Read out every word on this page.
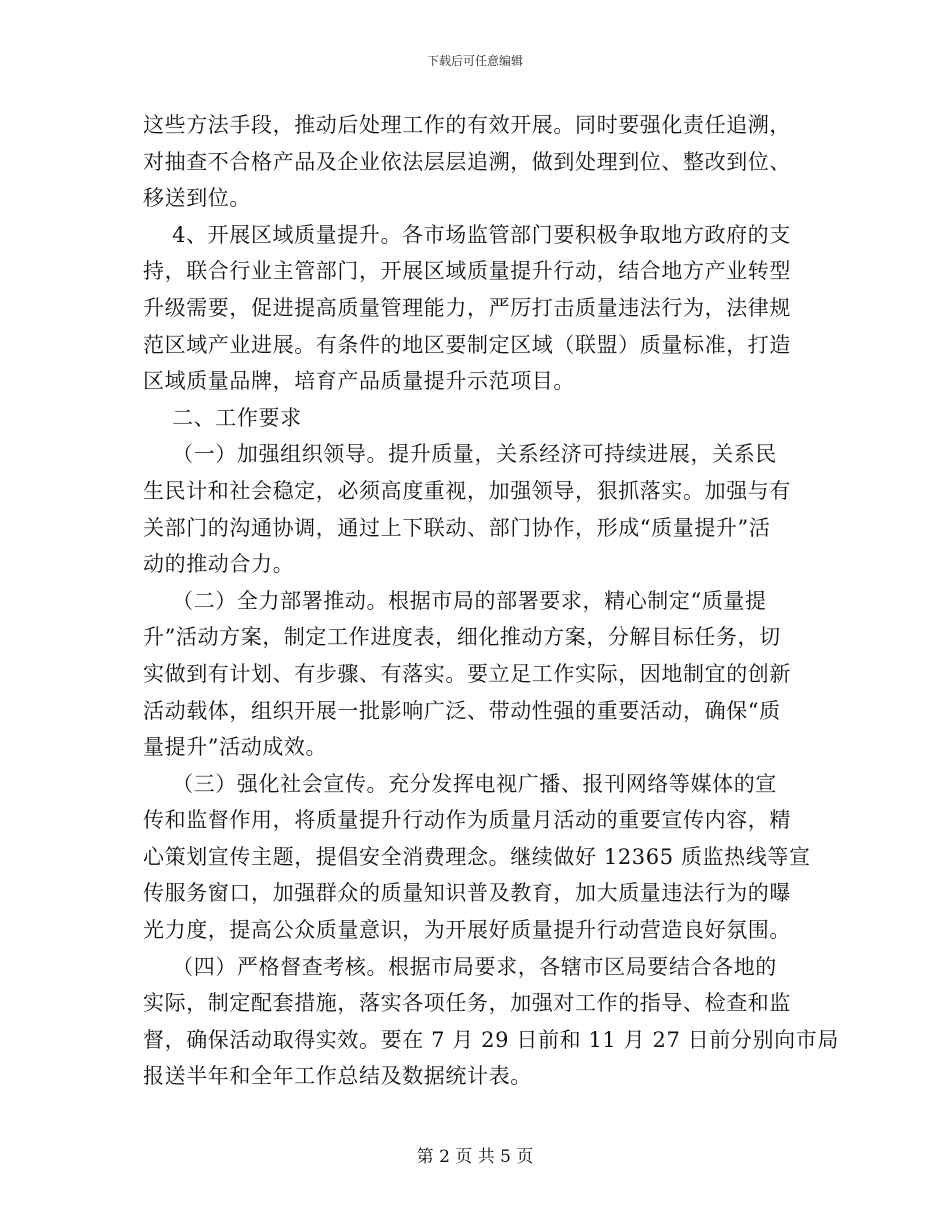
下载后可任意编辑
这些方法手段，推动后处理工作的有效开展。同时要强化责任追溯，
对抽查不合格产品及企业依法层层追溯，做到处理到位、整改到位、
移送到位。
4、开展区域质量提升。各市场监管部门要积极争取地方政府的支
持，联合行业主管部门，开展区域质量提升行动，结合地方产业转型
升级需要，促进提高质量管理能力，严厉打击质量违法行为，法律规
范区域产业进展。有条件的地区要制定区域（联盟）质量标准，打造
区域质量品牌，培育产品质量提升示范项目。
二、工作要求
（一）加强组织领导。提升质量，关系经济可持续进展，关系民
生民计和社会稳定，必须高度重视，加强领导，狠抓落实。加强与有
关部门的沟通协调，通过上下联动、部门协作，形成“质量提升”活
动的推动合力。
（二）全力部署推动。根据市局的部署要求，精心制定“质量提
升”活动方案，制定工作进度表，细化推动方案，分解目标任务，切
实做到有计划、有步骤、有落实。要立足工作实际，因地制宜的创新
活动载体，组织开展一批影响广泛、带动性强的重要活动，确保“质
量提升”活动成效。
（三）强化社会宣传。充分发挥电视广播、报刊网络等媒体的宣
传和监督作用，将质量提升行动作为质量月活动的重要宣传内容，精
心策划宣传主题，提倡安全消费理念。继续做好 12365 质监热线等宣
传服务窗口，加强群众的质量知识普及教育，加大质量违法行为的曝
光力度，提高公众质量意识，为开展好质量提升行动营造良好氛围。
（四）严格督查考核。根据市局要求，各辖市区局要结合各地的
实际，制定配套措施，落实各项任务，加强对工作的指导、检查和监
督，确保活动取得实效。要在 7 月 29 日前和 11 月 27 日前分别向市局
报送半年和全年工作总结及数据统计表。
第 2 页 共 5 页
